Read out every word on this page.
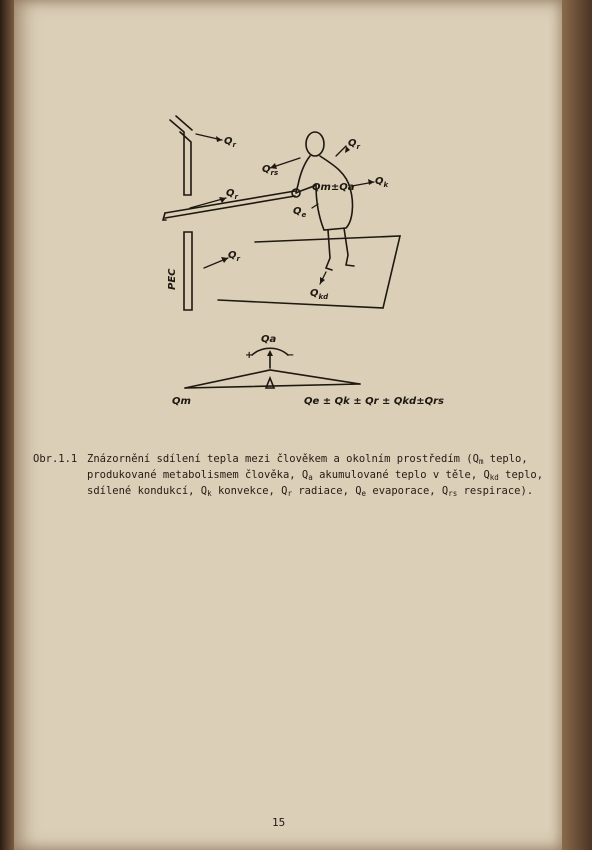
PEC
$Q_r$
$Q_r$
$Q_r$
$Q_{rs}$
$Q_r$
$Q_k$
Qm±Qa
$Q_e$
$Q_{kd}$
Qa
+	−
Qm	Qe ± Qk ± Qr ± Qkd±Qrs
Obr.1.1 Znázornění sdílení tepla mezi člověkem a okolním prostředím ($Q_m$ teplo,
produkované metabolismem člověka, $Q_a$ akumulované teplo v těle, $Q_{kd}$ teplo,
sdílené kondukcí, $Q_k$ konvekce, $Q_r$ radiace, $Q_e$ evaporace, $Q_{rs}$ respirace).
15
